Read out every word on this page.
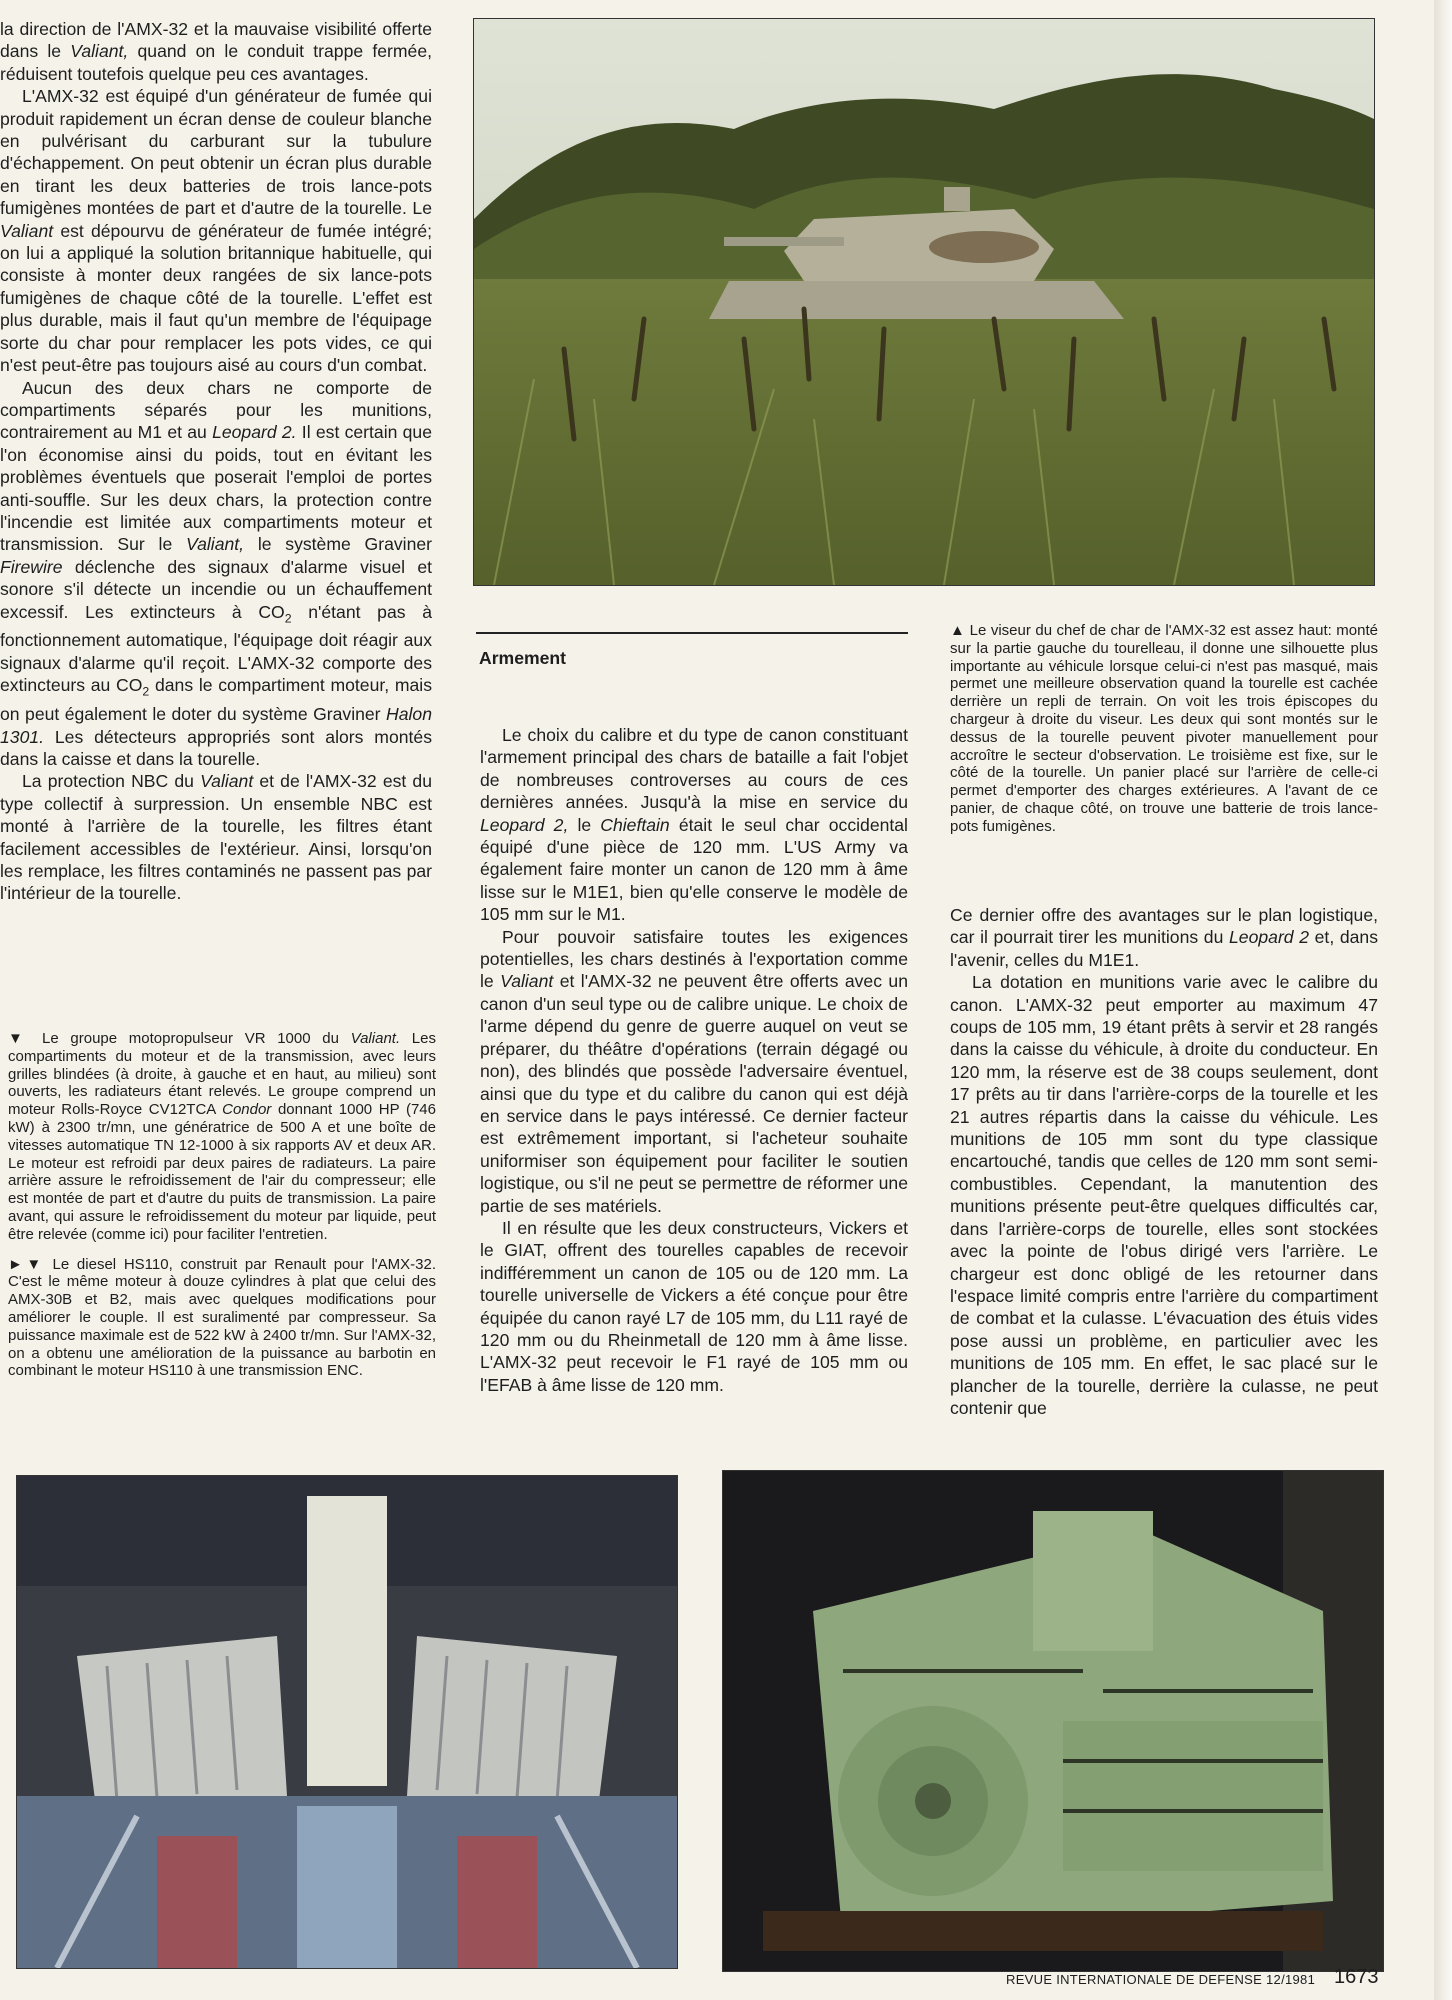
la direction de l'AMX-32 et la mauvaise visibilité offerte dans le Valiant, quand on le conduit trappe fermée, réduisent toutefois quelque peu ces avantages.

L'AMX-32 est équipé d'un générateur de fumée qui produit rapidement un écran dense de couleur blanche en pulvérisant du carburant sur la tubulure d'échappement. On peut obtenir un écran plus durable en tirant les deux batteries de trois lance-pots fumigènes montées de part et d'autre de la tourelle. Le Valiant est dépourvu de générateur de fumée intégré; on lui a appliqué la solution britannique habituelle, qui consiste à monter deux rangées de six lance-pots fumigènes de chaque côté de la tourelle. L'effet est plus durable, mais il faut qu'un membre de l'équipage sorte du char pour remplacer les pots vides, ce qui n'est peut-être pas toujours aisé au cours d'un combat.

Aucun des deux chars ne comporte de compartiments séparés pour les munitions, contrairement au M1 et au Leopard 2. Il est certain que l'on économise ainsi du poids, tout en évitant les problèmes éventuels que poserait l'emploi de portes anti-souffle. Sur les deux chars, la protection contre l'incendie est limitée aux compartiments moteur et transmission. Sur le Valiant, le système Graviner Firewire déclenche des signaux d'alarme visuel et sonore s'il détecte un incendie ou un échauffement excessif. Les extincteurs à $CO_2$ n'étant pas à fonctionnement automatique, l'équipage doit réagir aux signaux d'alarme qu'il reçoit. L'AMX-32 comporte des extincteurs au $CO_2$ dans le compartiment moteur, mais on peut également le doter du système Graviner Halon 1301. Les détecteurs appropriés sont alors montés dans la caisse et dans la tourelle.

La protection NBC du Valiant et de l'AMX-32 est du type collectif à surpression. Un ensemble NBC est monté à l'arrière de la tourelle, les filtres étant facilement accessibles de l'extérieur. Ainsi, lorsqu'on les remplace, les filtres contaminés ne passent pas par l'intérieur de la tourelle.

▼ Le groupe motopropulseur VR 1000 du Valiant. Les compartiments du moteur et de la transmission, avec leurs grilles blindées (à droite, à gauche et en haut, au milieu) sont ouverts, les radiateurs étant relevés. Le groupe comprend un moteur Rolls-Royce CV12TCA Condor donnant 1000 HP (746 kW) à 2300 tr/mn, une génératrice de 500 A et une boîte de vitesses automatique TN 12-1000 à six rapports AV et deux AR. Le moteur est refroidi par deux paires de radiateurs. La paire arrière assure le refroidissement de l'air du compresseur; elle est montée de part et d'autre du puits de transmission. La paire avant, qui assure le refroidissement du moteur par liquide, peut être relevée (comme ici) pour faciliter l'entretien.

►▼ Le diesel HS110, construit par Renault pour l'AMX-32. C'est le même moteur à douze cylindres à plat que celui des AMX-30B et B2, mais avec quelques modifications pour améliorer le couple. Il est suralimenté par compresseur. Sa puissance maximale est de 522 kW à 2400 tr/mn. Sur l'AMX-32, on a obtenu une amélioration de la puissance au barbotin en combinant le moteur HS110 à une transmission ENC.

▲ Le viseur du chef de char de l'AMX-32 est assez haut: monté sur la partie gauche du tourelleau, il donne une silhouette plus importante au véhicule lorsque celui-ci n'est pas masqué, mais permet une meilleure observation quand la tourelle est cachée derrière un repli de terrain. On voit les trois épiscopes du chargeur à droite du viseur. Les deux qui sont montés sur le dessus de la tourelle peuvent pivoter manuellement pour accroître le secteur d'observation. Le troisième est fixe, sur le côté de la tourelle. Un panier placé sur l'arrière de celle-ci permet d'emporter des charges extérieures. A l'avant de ce panier, de chaque côté, on trouve une batterie de trois lance-pots fumigènes.

Armement

Le choix du calibre et du type de canon constituant l'armement principal des chars de bataille a fait l'objet de nombreuses controverses au cours de ces dernières années. Jusqu'à la mise en service du Leopard 2, le Chieftain était le seul char occidental équipé d'une pièce de 120 mm. L'US Army va également faire monter un canon de 120 mm à âme lisse sur le M1E1, bien qu'elle conserve le modèle de 105 mm sur le M1.

Pour pouvoir satisfaire toutes les exigences potentielles, les chars destinés à l'exportation comme le Valiant et l'AMX-32 ne peuvent être offerts avec un canon d'un seul type ou de calibre unique. Le choix de l'arme dépend du genre de guerre auquel on veut se préparer, du théâtre d'opérations (terrain dégagé ou non), des blindés que possède l'adversaire éventuel, ainsi que du type et du calibre du canon qui est déjà en service dans le pays intéressé. Ce dernier facteur est extrêmement important, si l'acheteur souhaite uniformiser son équipement pour faciliter le soutien logistique, ou s'il ne peut se permettre de réformer une partie de ses matériels.

Il en résulte que les deux constructeurs, Vickers et le GIAT, offrent des tourelles capables de recevoir indifféremment un canon de 105 ou de 120 mm. La tourelle universelle de Vickers a été conçue pour être équipée du canon rayé L7 de 105 mm, du L11 rayé de 120 mm ou du Rheinmetall de 120 mm à âme lisse. L'AMX-32 peut recevoir le F1 rayé de 105 mm ou l'EFAB à âme lisse de 120 mm.

Ce dernier offre des avantages sur le plan logistique, car il pourrait tirer les munitions du Leopard 2 et, dans l'avenir, celles du M1E1.

La dotation en munitions varie avec le calibre du canon. L'AMX-32 peut emporter au maximum 47 coups de 105 mm, 19 étant prêts à servir et 28 rangés dans la caisse du véhicule, à droite du conducteur. En 120 mm, la réserve est de 38 coups seulement, dont 17 prêts au tir dans l'arrière-corps de la tourelle et les 21 autres répartis dans la caisse du véhicule. Les munitions de 105 mm sont du type classique encartouché, tandis que celles de 120 mm sont semi-combustibles. Cependant, la manutention des munitions présente peut-être quelques difficultés car, dans l'arrière-corps de tourelle, elles sont stockées avec la pointe de l'obus dirigé vers l'arrière. Le chargeur est donc obligé de les retourner dans l'espace limité compris entre l'arrière du compartiment de combat et la culasse. L'évacuation des étuis vides pose aussi un problème, en particulier avec les munitions de 105 mm. En effet, le sac placé sur le plancher de la tourelle, derrière la culasse, ne peut contenir que

REVUE INTERNATIONALE DE DEFENSE 12/1981 1673
